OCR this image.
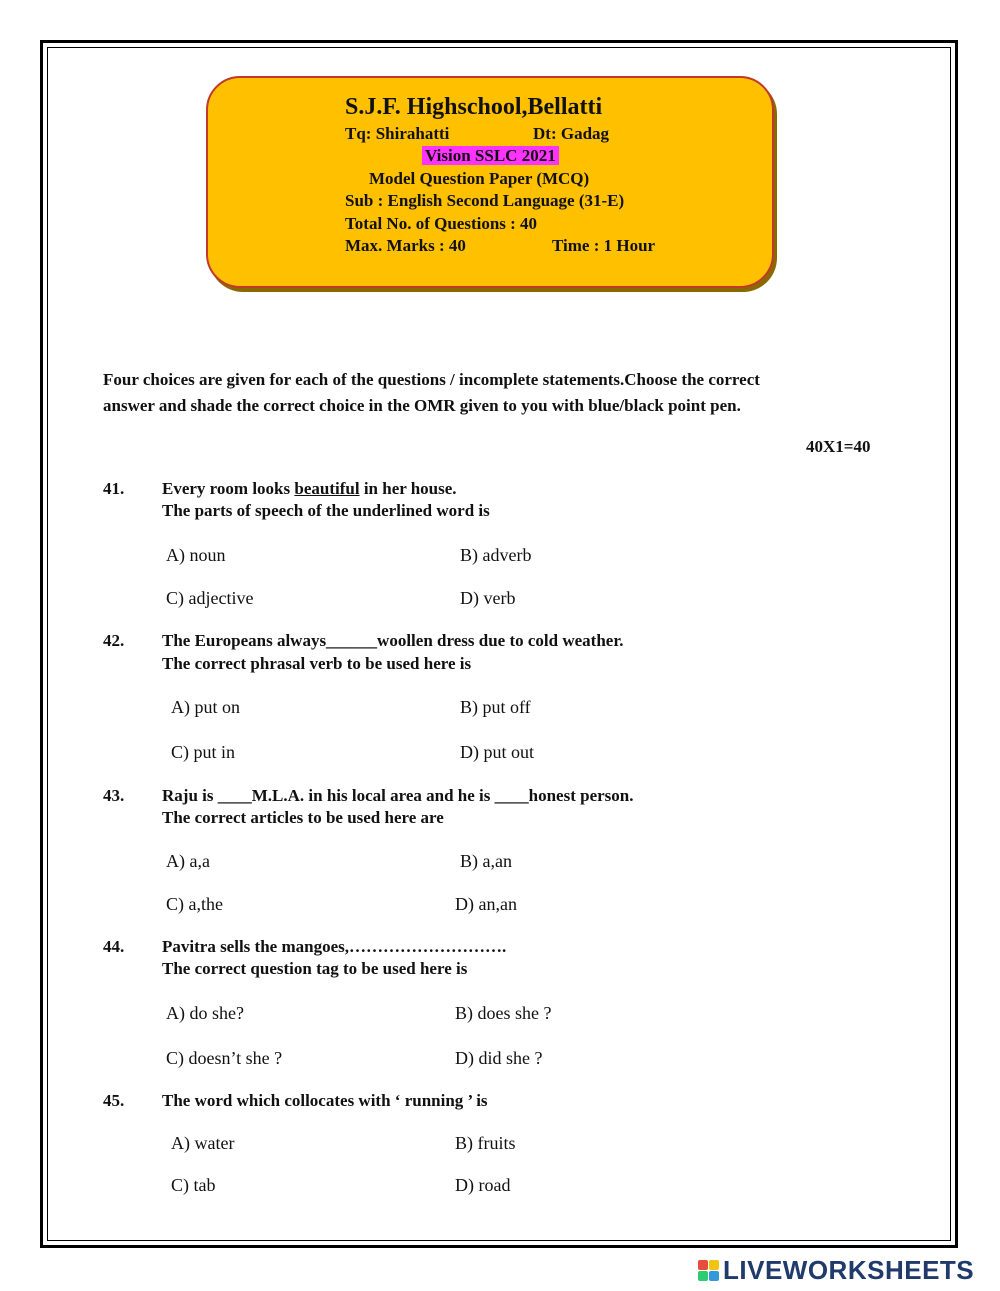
S.J.F. Highschool,Bellatti
Tq: Shirahatti	Dt: Gadag
Vision SSLC 2021
Model Question Paper (MCQ)
Sub : English Second Language (31-E)
Total No. of Questions : 40
Max. Marks : 40	Time : 1 Hour
Four choices are given for each of the questions / incomplete statements.Choose the correct
answer and shade the correct choice in the OMR given to you with blue/black point pen.
40X1=40
41. Every room looks beautiful in her house.
The parts of speech of the underlined word is
A) noun	B) adverb
C) adjective	D) verb
42. The Europeans always______woollen dress due to cold weather.
The correct phrasal verb to be used here is
A) put on	B) put off
C) put in	D) put out
43. Raju is ____M.L.A. in his local area and he is ____honest person.
The correct articles to be used here are
A) a,a	B) a,an
C) a,the	D) an,an
44. Pavitra sells the mangoes,……………………….
The correct question tag to be used here is
A) do she?	B) does she ?
C) doesn’t she ?	D) did she ?
45. The word which collocates with ‘ running ’ is
A) water	B) fruits
C) tab	D) road
LIVEWORKSHEETS
